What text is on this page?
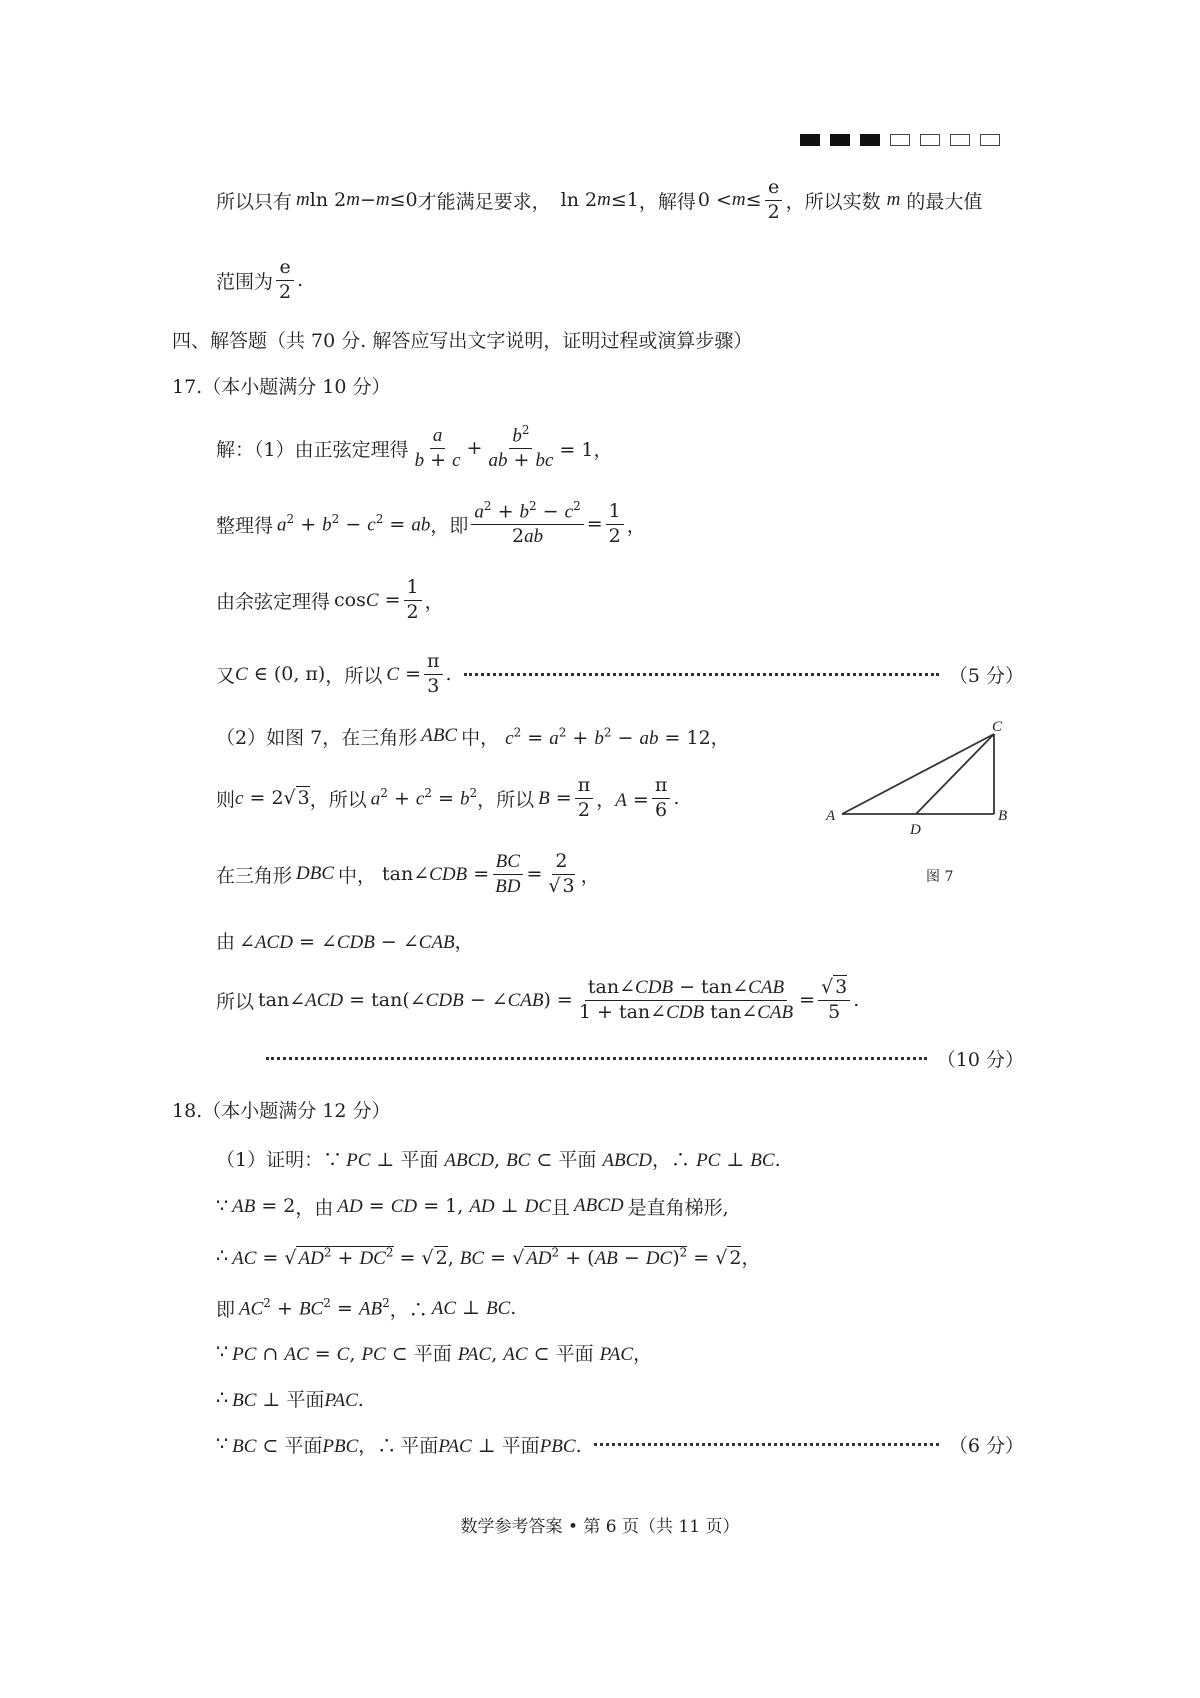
所以只有 m ln 2 m − m ≤0 才能满足要求， ln 2 m ≤1 ，解得 $0 < m \le \frac{e}{2}$ ，所以实数 m 的最大值
范围为 $\frac{e}{2}$ .
四、解答题（共 70 分. 解答应写出文字说明，证明过程或演算步骤）
17.（本小题满分 10 分）
解：（1）由正弦定理得 $\frac{a}{b + c} + \frac{b^2}{ab + bc} = 1$，
整理得 $a^2 + b^2 - c^2$ = ab ，即 $\frac{a^2 + b^2 - c^2}{2ab} = \frac{1}{2}$ ，
由余弦定理得 $\cos C = \frac{1}{2}$ ，
又 C ∈ (0, π) ，所以 $C = \frac{\pi}{3}$ .	（5 分）
（2）如图 7，在三角形 ABC 中， $c^2 = a^2 + b^2$ − ab = 12，
则 c = 2√ 3 ，所以 $a^2 + c^2 = b^2$ ，所以 $B = \frac{\pi}{2}$ ，$A = \frac{\pi}{6}$ .
在三角形 DBC 中， tan∠CDB = $\frac{BC}{BD} = \frac{2}{√ 3}$ ，
由 ∠ACD = ∠CDB − ∠CAB，
所以 tan∠ACD = tan(∠CDB − ∠CAB) = $\frac{\text{tan∠CDB − tan∠CAB}}{\text{1 + tan∠CDB tan∠CAB}} = \frac{√ 3}{5}$ .
（10 分）
A	B
C
D
图 7
18.（本小题满分 12 分）
（1）证明：∵ PC ⊥ 平面 ABCD, BC ⊂ 平面 ABCD，∴ PC ⊥ BC.
∵ AB = 2 ，由 AD = CD = 1, AD ⊥ DC 且 ABCD 是直角梯形,
∴ AC = √ $AD^2 + DC^2$ = √ 2, BC = √ $AD^2 + (AB - DC)^2$ = √ 2，
即 $AC^2 + BC^2 = AB^2$ ，∴ AC ⊥ BC.
∵ PC ∩ AC = C, PC ⊂ 平面 PAC, AC ⊂ 平面 PAC，
∴ BC ⊥ 平面PAC.
∵ BC ⊂ 平面PBC ，∴ 平面PAC ⊥ 平面PBC.	（6 分）
数学参考答案 • 第 6 页（共 11 页）
